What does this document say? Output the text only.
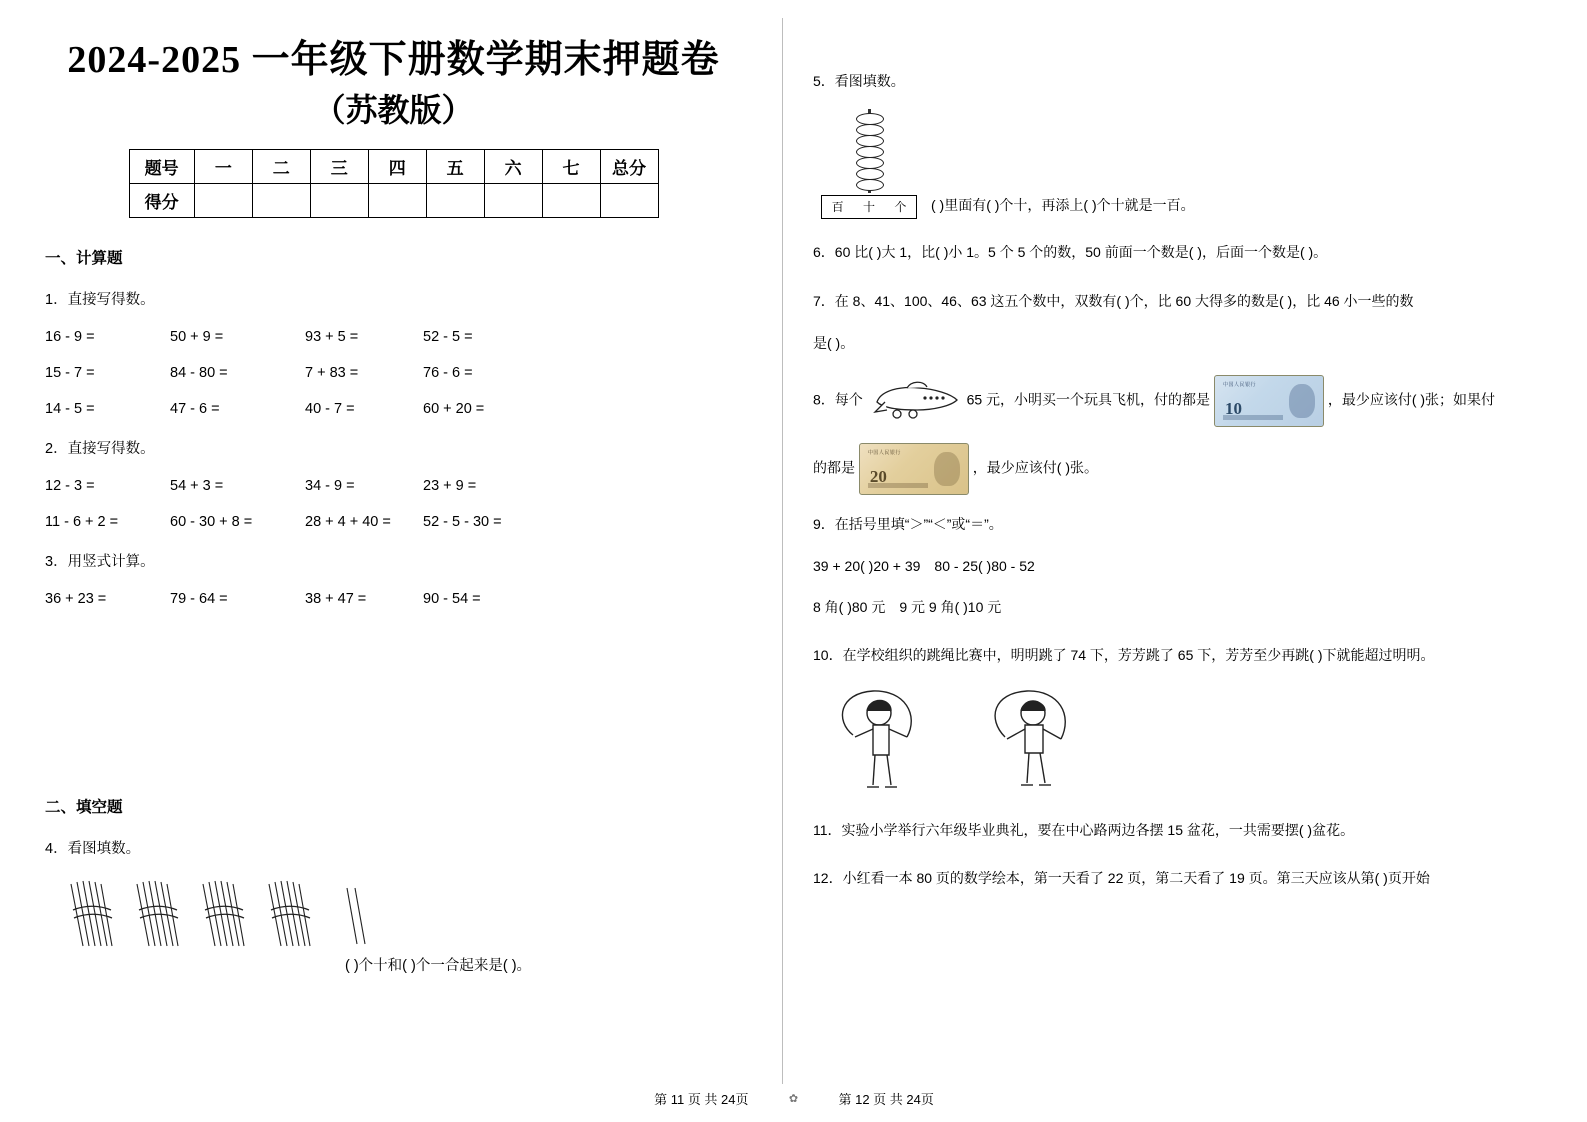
2024-2025 一年级下册数学期末押题卷
（苏教版）
题号	一	二	三	四	五	六	七	总分
得分								
一、计算题
1．直接写得数。
16 - 9 =	50 + 9 =	93 + 5 =	52 - 5 =
15 - 7 =	84 - 80 =	7 + 83 =	76 - 6 =
14 - 5 =	47 - 6 =	40 - 7 =	60 + 20 =
2．直接写得数。
12 - 3 =	54 + 3 =	34 - 9 =	23 + 9 =
11 - 6 + 2 =	60 - 30 + 8 =	28 + 4 + 40 =	52 - 5 - 30 =
3．用竖式计算。
36 + 23 =	79 - 64 =	38 + 47 =	90 - 54 =
二、填空题
4．看图填数。
( )个十和( )个一合起来是( )。
5．看图填数。
百 十 个 ( )里面有( )个十，再添上( )个十就是一百。
6．60 比( )大 1，比( )小 1。5 个 5 个的数，50 前面一个数是( )，后面一个数是( )。
7．在 8、41、100、46、63 这五个数中，双数有( )个，比 60 大得多的数是( )，比 46 小一些的数
是( )。
8．每个	65 元，小明买一个玩具飞机，付的都是
中国人民银行
10	，最少应该付( )张；如果付
的都是
中国人民银行
20	，最少应该付( )张。
9．在括号里填“＞”“＜”或“＝”。
39 + 20( )20 + 39　80 - 25( )80 - 52
8 角( )80 元　9 元 9 角( )10 元
10．在学校组织的跳绳比赛中，明明跳了 74 下，芳芳跳了 65 下，芳芳至少再跳( )下就能超过明明。
11．实验小学举行六年级毕业典礼，要在中心路两边各摆 15 盆花，一共需要摆( )盆花。
12．小红看一本 80 页的数学绘本，第一天看了 22 页，第二天看了 19 页。第三天应该从第( )页开始
第 11 页 共 24页	✿	第 12 页 共 24页
